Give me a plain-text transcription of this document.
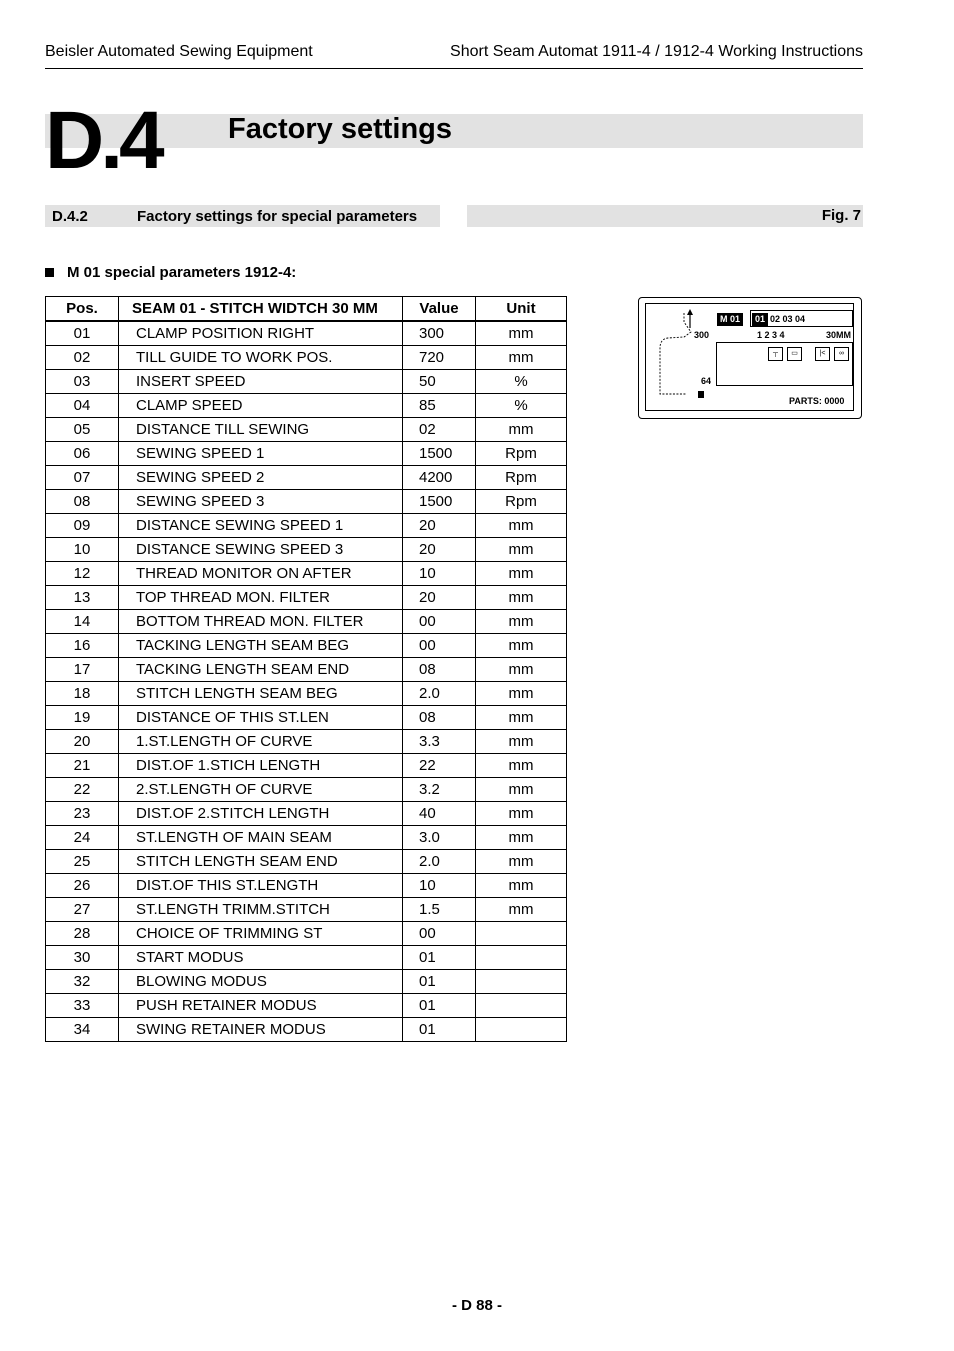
Beisler Automated Sewing Equipment	Short Seam Automat 1911-4 / 1912-4 Working Instructions
D.4 Factory settings
D.4.2	Factory settings for special parameters	Fig. 7
M 01 special parameters 1912-4:
Pos.	SEAM 01 - STITCH WIDTCH 30 MM	Value	Unit
01	CLAMP POSITION RIGHT	300	mm
02	TILL GUIDE TO WORK POS.	720	mm
03	INSERT SPEED	50	%
04	CLAMP SPEED	85	%
05	DISTANCE TILL SEWING	02	mm
06	SEWING SPEED 1	1500	Rpm
07	SEWING SPEED 2	4200	Rpm
08	SEWING SPEED 3	1500	Rpm
09	DISTANCE SEWING SPEED 1	20	mm
10	DISTANCE SEWING SPEED 3	20	mm
12	THREAD MONITOR ON AFTER	10	mm
13	TOP THREAD MON. FILTER	20	mm
14	BOTTOM THREAD MON. FILTER	00	mm
16	TACKING LENGTH SEAM BEG	00	mm
17	TACKING LENGTH SEAM END	08	mm
18	STITCH LENGTH SEAM BEG	2.0	mm
19	DISTANCE OF THIS ST.LEN	08	mm
20	1.ST.LENGTH OF CURVE	3.3	mm
21	DIST.OF 1.STICH LENGTH	22	mm
22	2.ST.LENGTH OF CURVE	3.2	mm
23	DIST.OF 2.STITCH LENGTH	40	mm
24	ST.LENGTH OF MAIN SEAM	3.0	mm
25	STITCH LENGTH SEAM END	2.0	mm
26	DIST.OF THIS ST.LENGTH	10	mm
27	ST.LENGTH TRIMM.STITCH	1.5	mm
28	CHOICE OF TRIMMING ST	00	
30	START MODUS	01	
32	BLOWING MODUS	01	
33	PUSH RETAINER MODUS	01	
34	SWING RETAINER MODUS	01	
300
64
M 01	01 02 03 04
1 2 3 4	30MM
┬	▭	|<	∞
PARTS: 0000
- D 88 -
